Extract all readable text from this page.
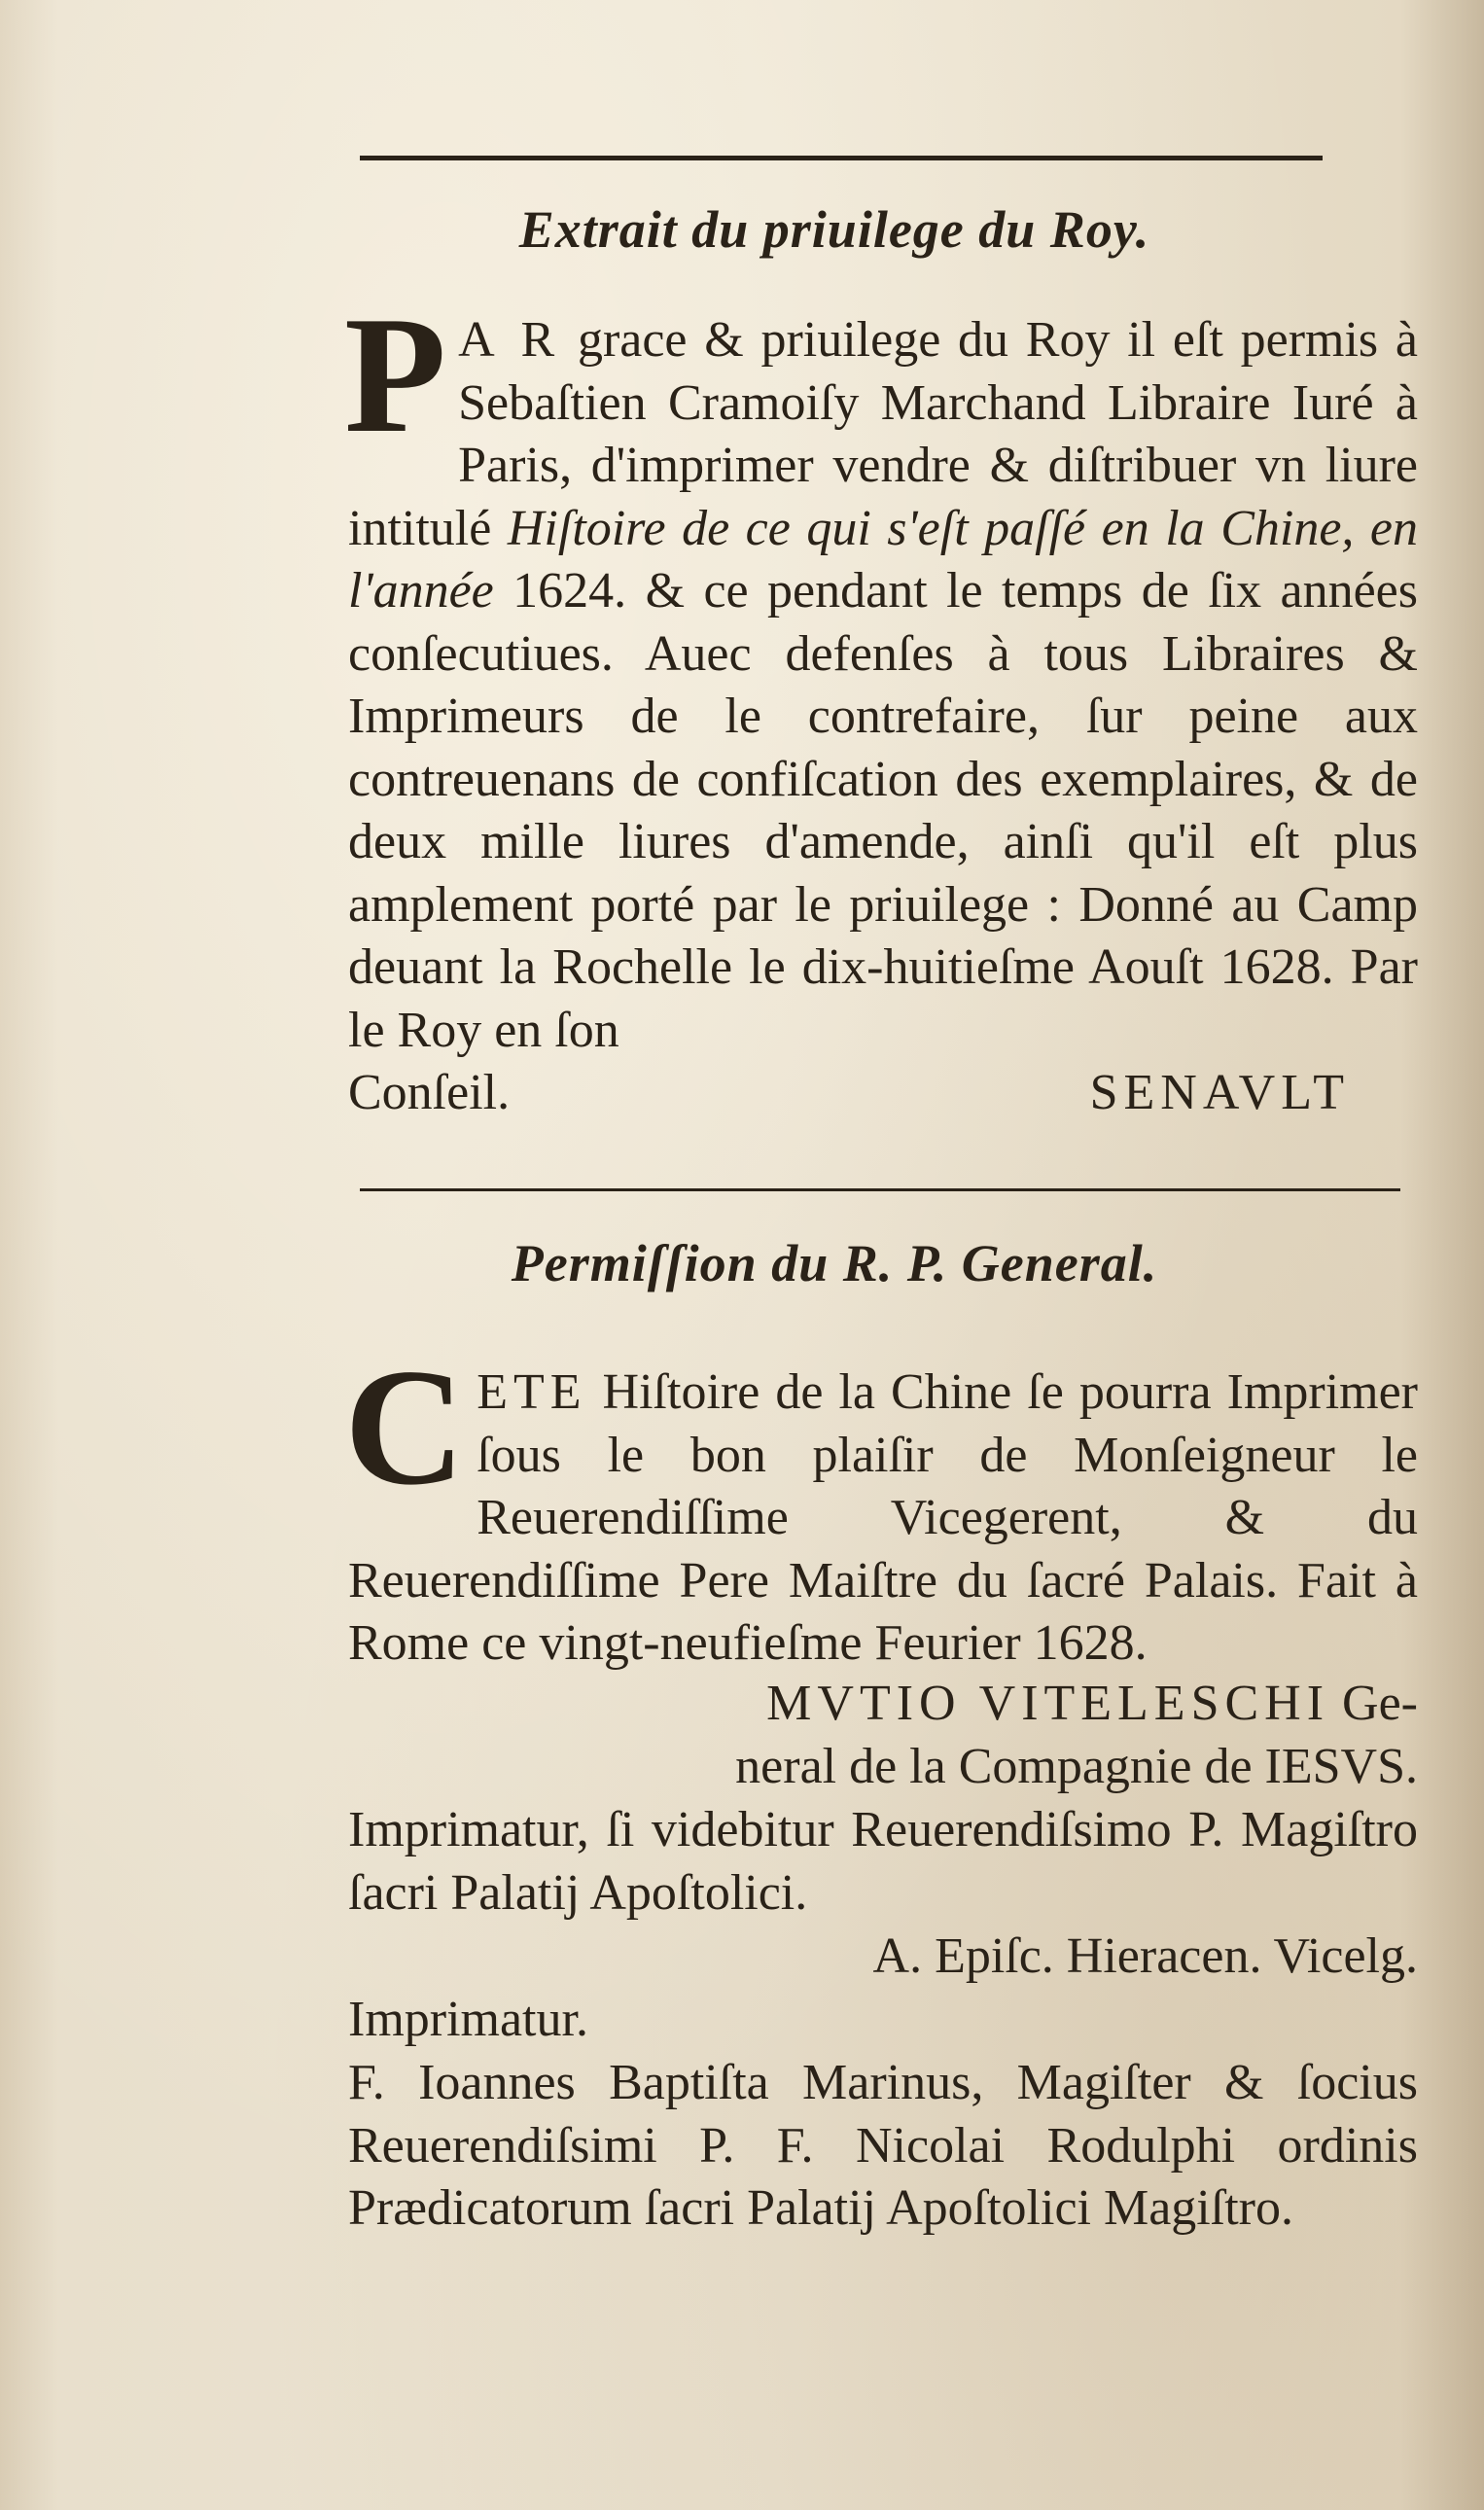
Extrait du priuilege du Roy.
P A R grace & priuilege du Roy il eſt permis à Sebaſtien Cramoiſy Marchand Libraire Iuré à Paris, d'imprimer vendre & diſtribuer vn liure intitulé Hiſtoire de ce qui s'eſt paſſé en la Chine, en l'année 1624. & ce pendant le temps de ſix années conſecutiues. Auec defenſes à tous Libraires & Imprimeurs de le contrefaire, ſur peine aux contreuenans de confiſcation des exemplaires, & de deux mille liures d'amende, ainſi qu'il eſt plus amplement porté par le priuilege : Donné au Camp deuant la Rochelle le dix-huitieſme Aouſt 1628. Par le Roy en ſon
Conſeil.	SENAVLT
Permiſſion du R. P. General.
CETE Hiſtoire de la Chine ſe pourra Imprimer ſous le bon plaiſir de Monſeigneur le Reuerendiſſime Vicegerent, & du Reuerendiſſime Pere Maiſtre du ſacré Palais. Fait à Rome ce vingt-neufieſme Feurier 1628.
MVTIO VITELESCHI Ge-
neral de la Compagnie de IESVS.
Imprimatur, ſi videbitur Reuerendiſsimo P. Magiſtro ſacri Palatij Apoſtolici.
A. Epiſc. Hieracen. Vicelg.
Imprimatur.
F. Ioannes Baptiſta Marinus, Magiſter & ſocius Reuerendiſsimi P. F. Nicolai Rodulphi ordinis Prædicatorum ſacri Palatij Apoſtolici Magiſtro.
